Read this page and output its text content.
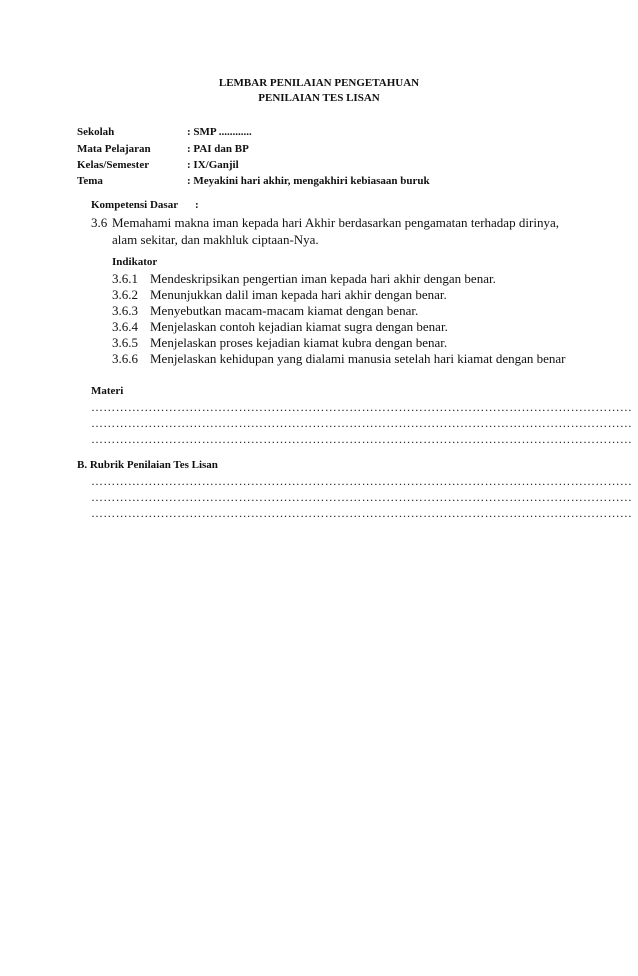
LEMBAR PENILAIAN PENGETAHUAN
PENILAIAN TES LISAN
Sekolah	: SMP ............
Mata Pelajaran	: PAI dan BP
Kelas/Semester	: IX/Ganjil
Tema	: Meyakini hari akhir, mengakhiri kebiasaan buruk
Kompetensi Dasar :
3.6 Memahami makna iman kepada hari Akhir berdasarkan pengamatan terhadap dirinya,
alam sekitar, dan makhluk ciptaan-Nya.
Indikator
3.6.1 Mendeskripsikan pengertian iman kepada hari akhir dengan benar.
3.6.2 Menunjukkan dalil iman kepada hari akhir dengan benar.
3.6.3 Menyebutkan macam-macam kiamat dengan benar.
3.6.4 Menjelaskan contoh kejadian kiamat sugra dengan benar.
3.6.5 Menjelaskan proses kejadian kiamat kubra dengan benar.
3.6.6 Menjelaskan kehidupan yang dialami manusia setelah hari kiamat dengan benar
Materi
……………………………………………………………………………………………………………………
……………………………………………………………………………………………………………………
……………………………………………………………………………………………………………………
B. Rubrik Penilaian Tes Lisan
……………………………………………………………………………………………………………………
……………………………………………………………………………………………………………………
……………………………………………………………………………………………………………………
